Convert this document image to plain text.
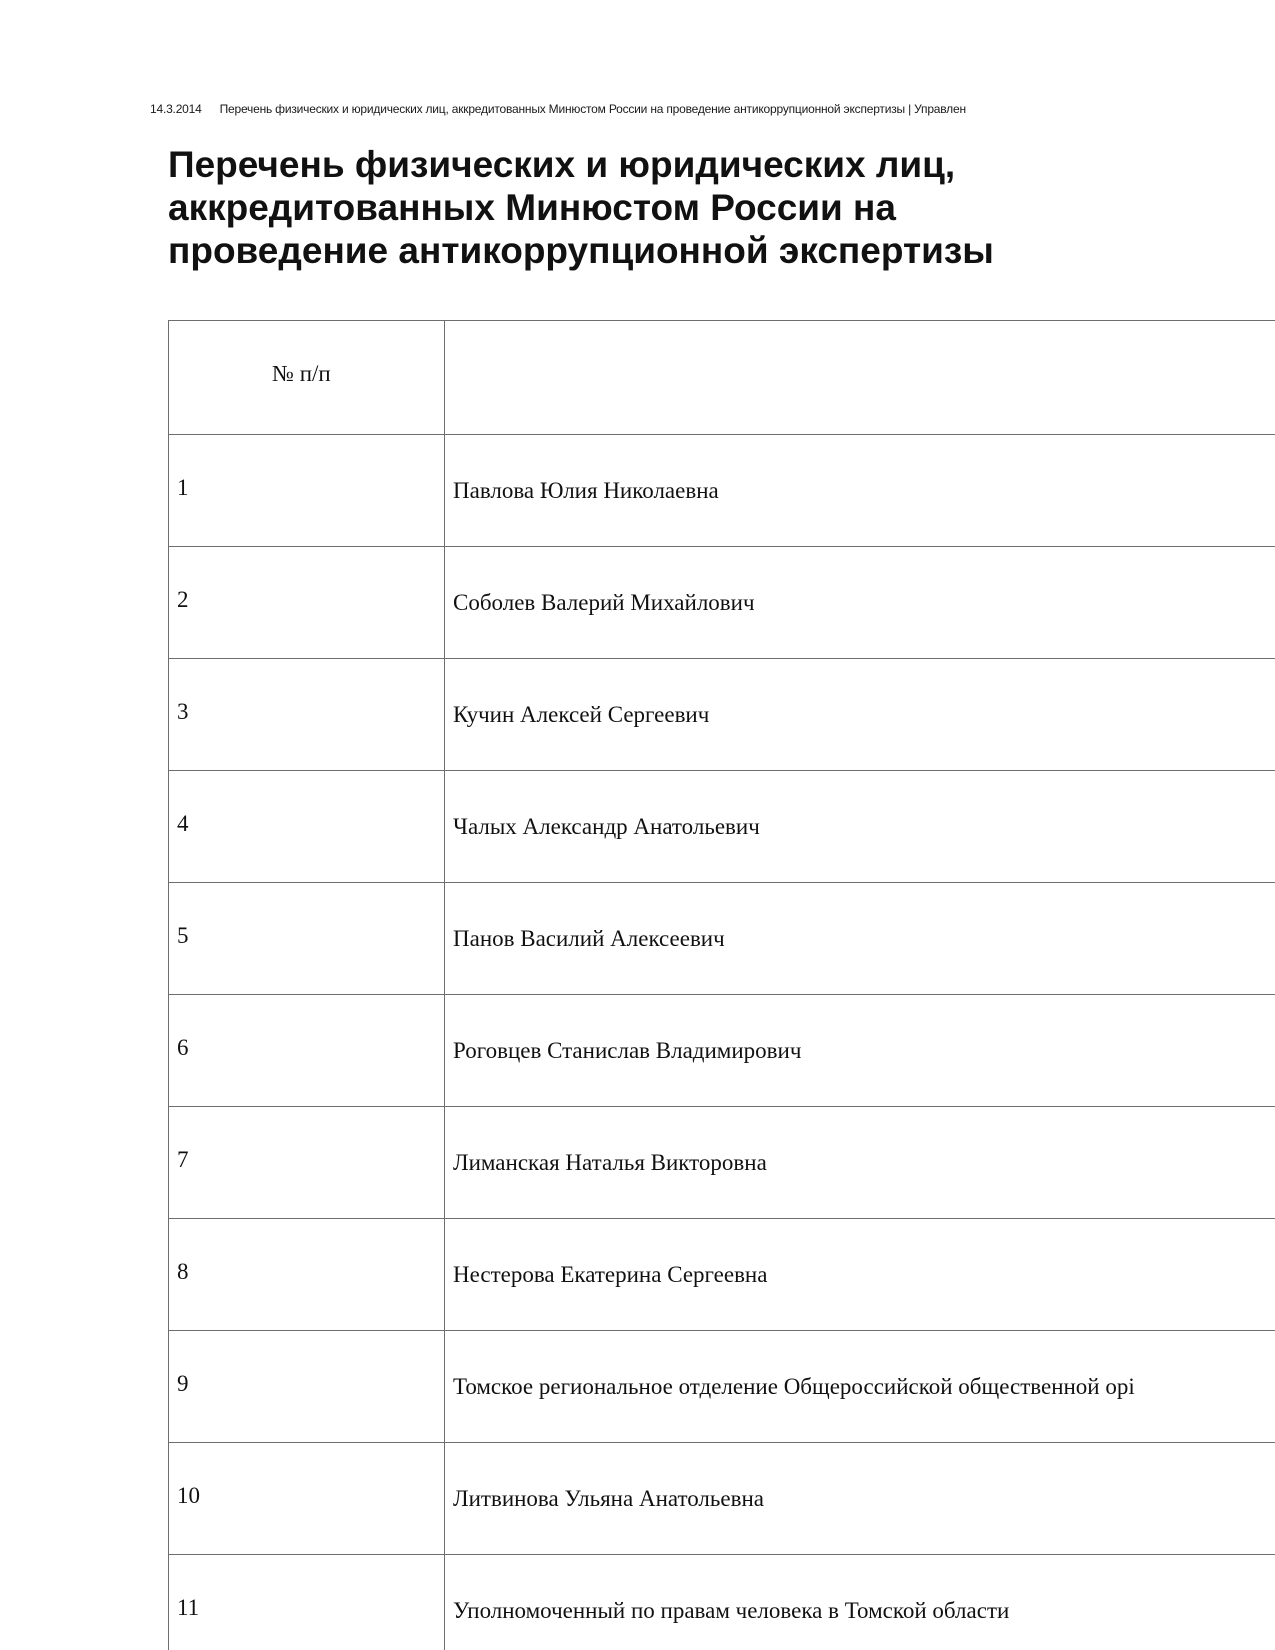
14.3.2014 Перечень физических и юридических лиц, аккредитованных Минюстом России на проведение антикоррупционной экспертизы | Управлен
Перечень физических и юридических лиц,
аккредитованных Минюстом России на
проведение антикоррупционной экспертизы
№ п/п	
1	Павлова Юлия Николаевна
2	Соболев Валерий Михайлович
3	Кучин Алексей Сергеевич
4	Чалых Александр Анатольевич
5	Панов Василий Алексеевич
6	Роговцев Станислав Владимирович
7	Лиманская Наталья Викторовна
8	Нестерова Екатерина Сергеевна
9	Томское региональное отделение Общероссийской общественной орі
10	Литвинова Ульяна Анатольевна
11	Уполномоченный по правам человека в Томской области
